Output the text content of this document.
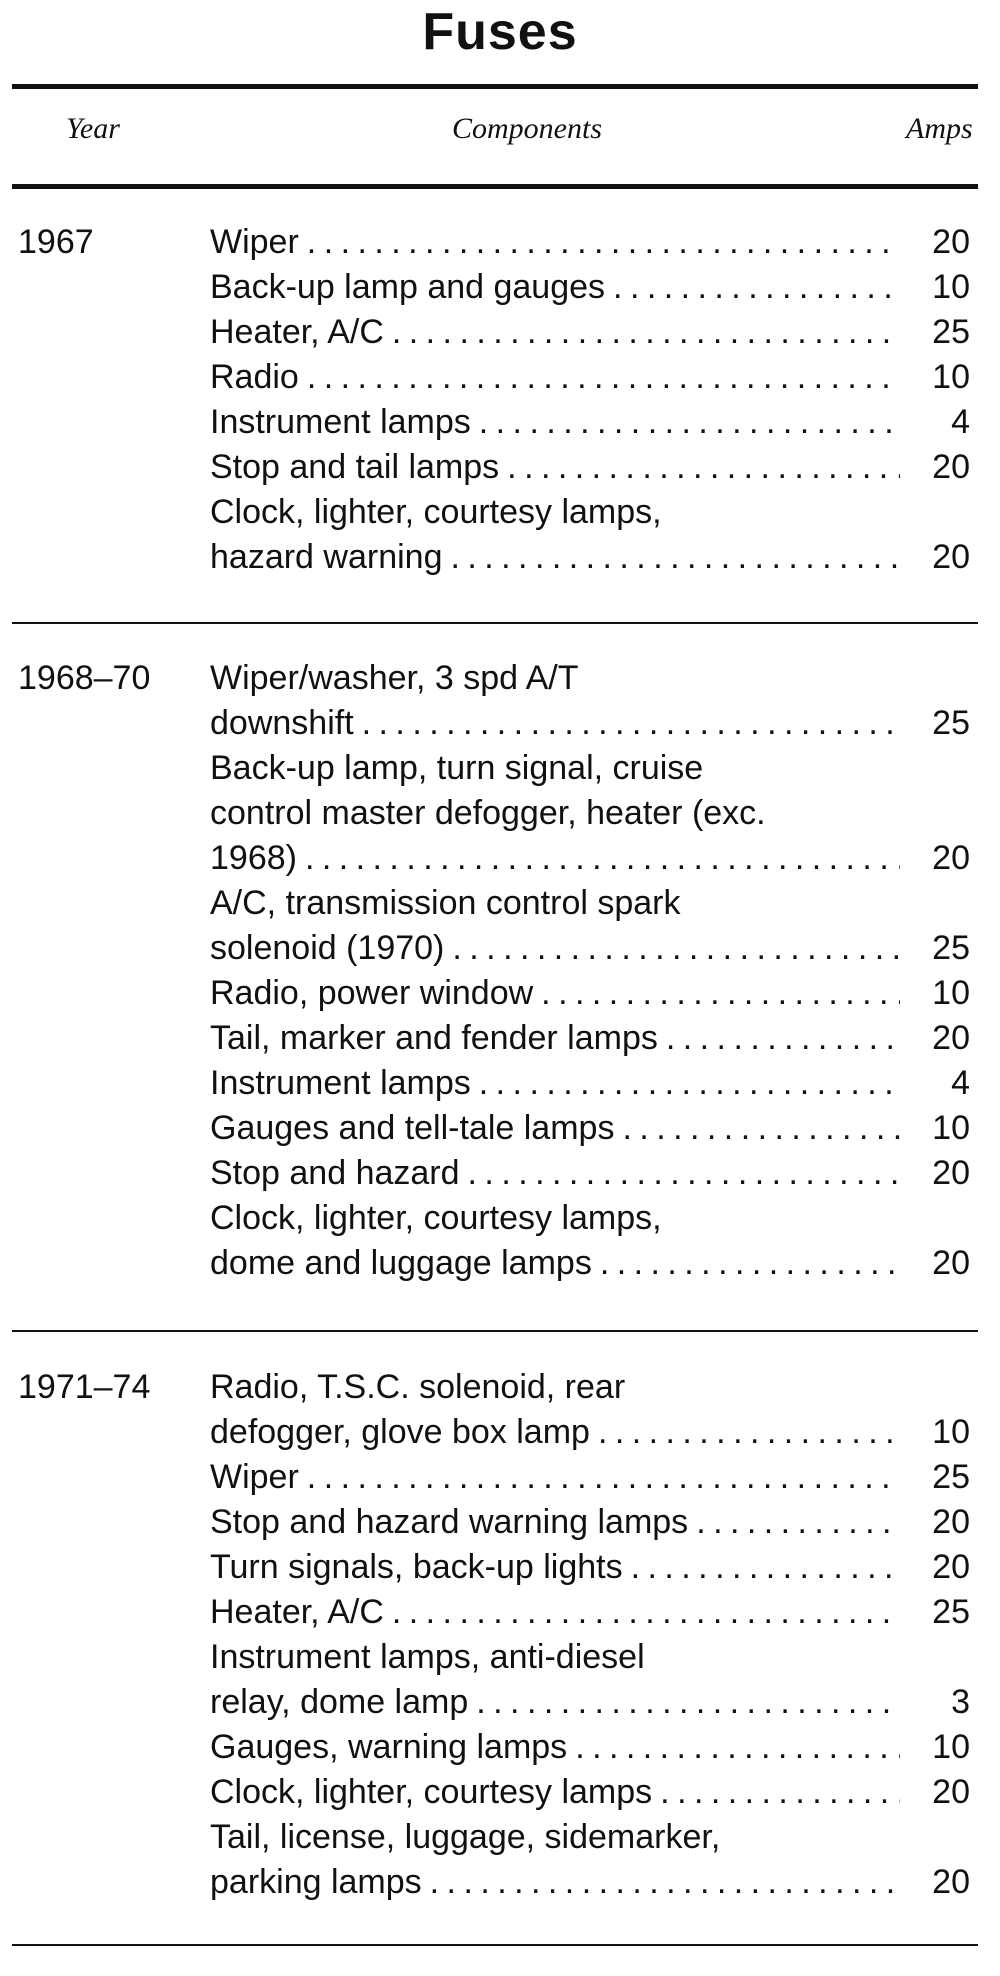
Fuses
Year	Components	Amps
1967	Wiper . . .	20
Back-up lamp and gauges . . .	10
Heater, A/C . . .	25
Radio . . .	10
Instrument lamps . . .	4
Stop and tail lamps . . .	20
Clock, lighter, courtesy lamps,
hazard warning . . .	20
1968–70 Wiper/washer, 3 spd A/T
downshift . . .	25
Back-up lamp, turn signal, cruise
control master defogger, heater (exc.
1968) . . .	20
A/C, transmission control spark
solenoid (1970) . . .	25
Radio, power window . . .	10
Tail, marker and fender lamps . . .	20
Instrument lamps . . .	4
Gauges and tell-tale lamps . . .	10
Stop and hazard . . .	20
Clock, lighter, courtesy lamps,
dome and luggage lamps . . .	20
1971–74 Radio, T.S.C. solenoid, rear
defogger, glove box lamp . . .	10
Wiper . . .	25
Stop and hazard warning lamps . . .	20
Turn signals, back-up lights . . .	20
Heater, A/C . . .	25
Instrument lamps, anti-diesel
relay, dome lamp . . .	3
Gauges, warning lamps . . .	10
Clock, lighter, courtesy lamps . . .	20
Tail, license, luggage, sidemarker,
parking lamps . . .	20
